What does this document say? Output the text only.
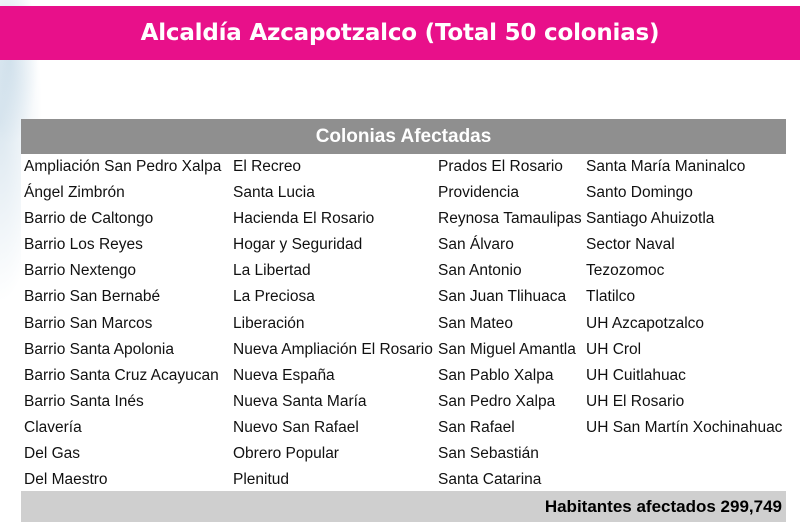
Alcaldía Azcapotzalco (Total 50 colonias)
Colonias Afectadas
Ampliación San Pedro Xalpa
Ángel Zimbrón
Barrio de Caltongo
Barrio Los Reyes
Barrio Nextengo
Barrio San Bernabé
Barrio San Marcos
Barrio Santa Apolonia
Barrio Santa Cruz Acayucan
Barrio Santa Inés
Clavería
Del Gas
Del Maestro
El Recreo
Santa Lucia
Hacienda El Rosario
Hogar y Seguridad
La Libertad
La Preciosa
Liberación
Nueva Ampliación El Rosario
Nueva España
Nueva Santa María
Nuevo San Rafael
Obrero Popular
Plenitud
Prados El Rosario
Providencia
Reynosa Tamaulipas
San Álvaro
San Antonio
San Juan Tlihuaca
San Mateo
San Miguel Amantla
San Pablo Xalpa
San Pedro Xalpa
San Rafael
San Sebastián
Santa Catarina
Santa María Maninalco
Santo Domingo
Santiago Ahuizotla
Sector Naval
Tezozomoc
Tlatilco
UH Azcapotzalco
UH Crol
UH Cuitlahuac
UH El Rosario
UH San Martín Xochinahuac
Habitantes afectados 299,749
